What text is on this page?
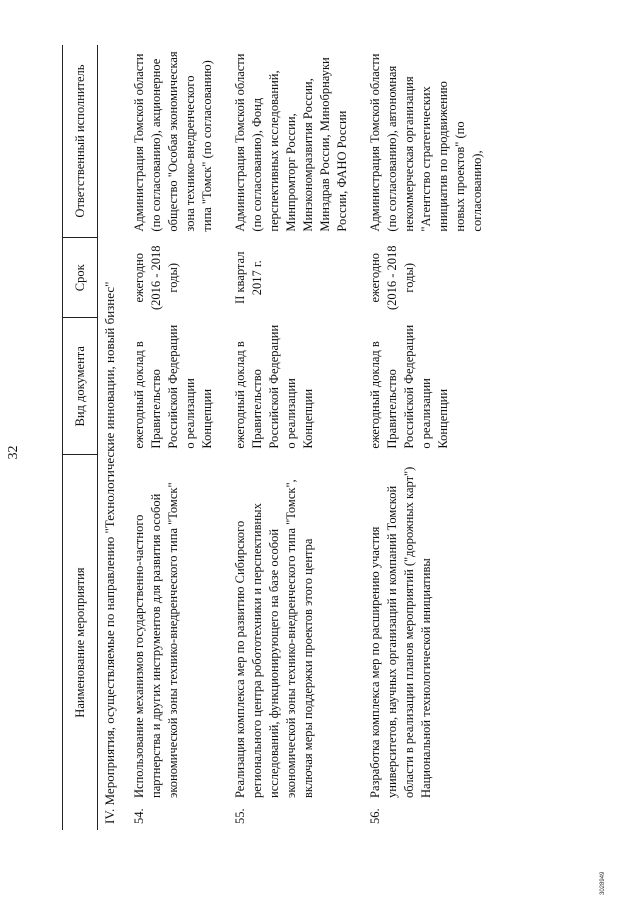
32
Наименование мероприятия	Вид документа	Срок	Ответственный исполнитель
IV. Мероприятия, осуществляемые по направлению "Технологические инновации, новый бизнес"			

54.
Использование механизмов государственно-частного партнерства и других инструментов для развития особой экономической зоны технико-внедренческого типа "Томск"	ежегодный доклад в Правительство Российской Федерации о реализации Концепции	ежегодно (2016 - 2018 годы)	Администрация Томской области (по согласованию), акционерное общество "Особая экономическая зона технико-внедренческого типа "Томск" (по согласованию)

55.
Реализация комплекса мер по развитию Сибирского регионального центра робототехники и перспективных исследований, функционирующего на базе особой экономической зоны технико-внедренческого типа "Томск", включая меры поддержки проектов этого центра	ежегодный доклад в Правительство Российской Федерации о реализации Концепции	II квартал 2017 г.	Администрация Томской области (по согласованию), Фонд перспективных исследований, Минпромторг России, Минэкономразвития России, Минздрав России, Минобрнауки России, ФАНО России

56.
Разработка комплекса мер по расширению участия университетов, научных организаций и компаний Томской области в реализации планов мероприятий ("дорожных карт") Национальной технологической инициативы	ежегодный доклад в Правительство Российской Федерации о реализации Концепции	ежегодно (2016 - 2018 годы)	Администрация Томской области (по согласованию), автономная некоммерческая организация "Агентство стратегических инициатив по продвижению новых проектов" (по согласованию),
3028949
